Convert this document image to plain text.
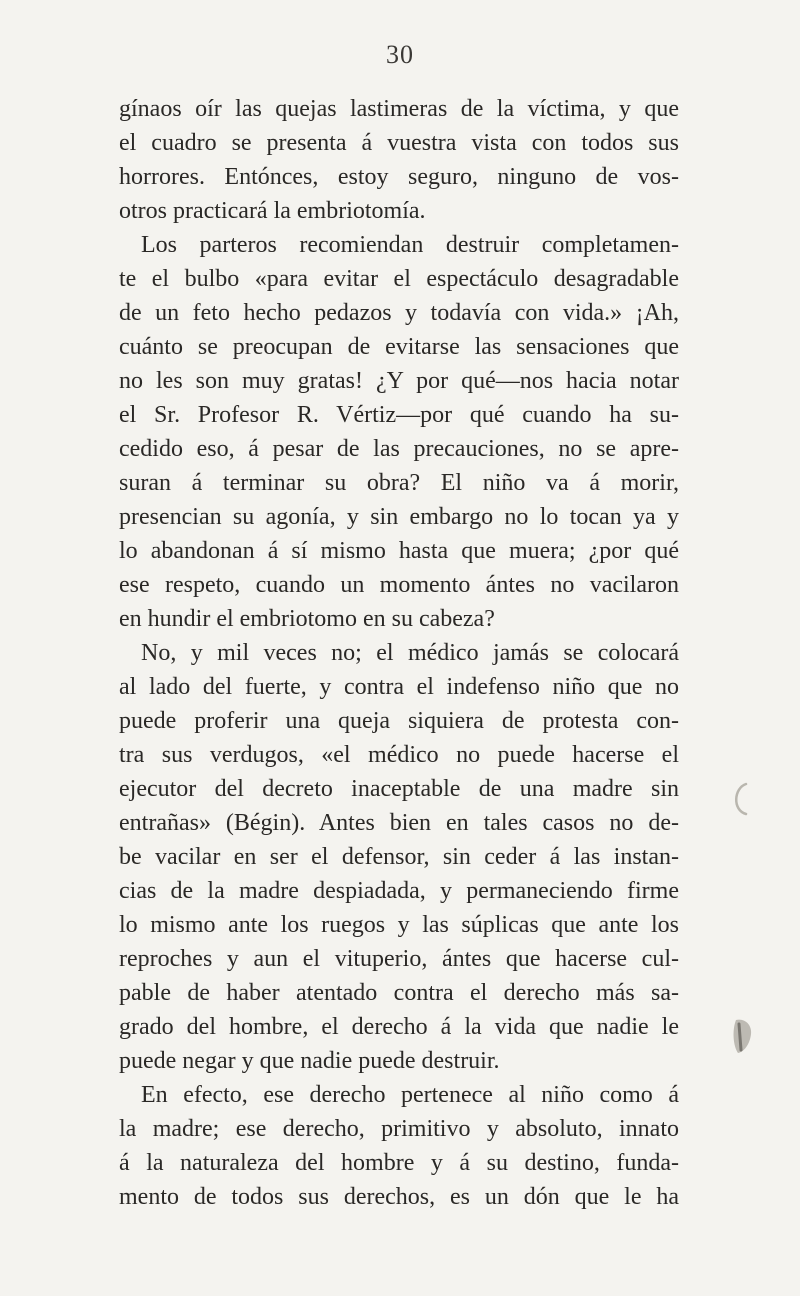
30
gínaos oír las quejas lastimeras de la víctima, y que
el cuadro se presenta á vuestra vista con todos sus
horrores. Entónces, estoy seguro, ninguno de vos-
otros practicará la embriotomía.
Los parteros recomiendan destruir completamen-
te el bulbo «para evitar el espectáculo desagradable
de un feto hecho pedazos y todavía con vida.» ¡Ah,
cuánto se preocupan de evitarse las sensaciones que
no les son muy gratas! ¿Y por qué—nos hacia notar
el Sr. Profesor R. Vértiz—por qué cuando ha su-
cedido eso, á pesar de las precauciones, no se apre-
suran á terminar su obra? El niño va á morir,
presencian su agonía, y sin embargo no lo tocan ya y
lo abandonan á sí mismo hasta que muera; ¿por qué
ese respeto, cuando un momento ántes no vacilaron
en hundir el embriotomo en su cabeza?
No, y mil veces no; el médico jamás se colocará
al lado del fuerte, y contra el indefenso niño que no
puede proferir una queja siquiera de protesta con-
tra sus verdugos, «el médico no puede hacerse el
ejecutor del decreto inaceptable de una madre sin
entrañas» (Bégin). Antes bien en tales casos no de-
be vacilar en ser el defensor, sin ceder á las instan-
cias de la madre despiadada, y permaneciendo firme
lo mismo ante los ruegos y las súplicas que ante los
reproches y aun el vituperio, ántes que hacerse cul-
pable de haber atentado contra el derecho más sa-
grado del hombre, el derecho á la vida que nadie le
puede negar y que nadie puede destruir.
En efecto, ese derecho pertenece al niño como á
la madre; ese derecho, primitivo y absoluto, innato
á la naturaleza del hombre y á su destino, funda-
mento de todos sus derechos, es un dón que le ha
